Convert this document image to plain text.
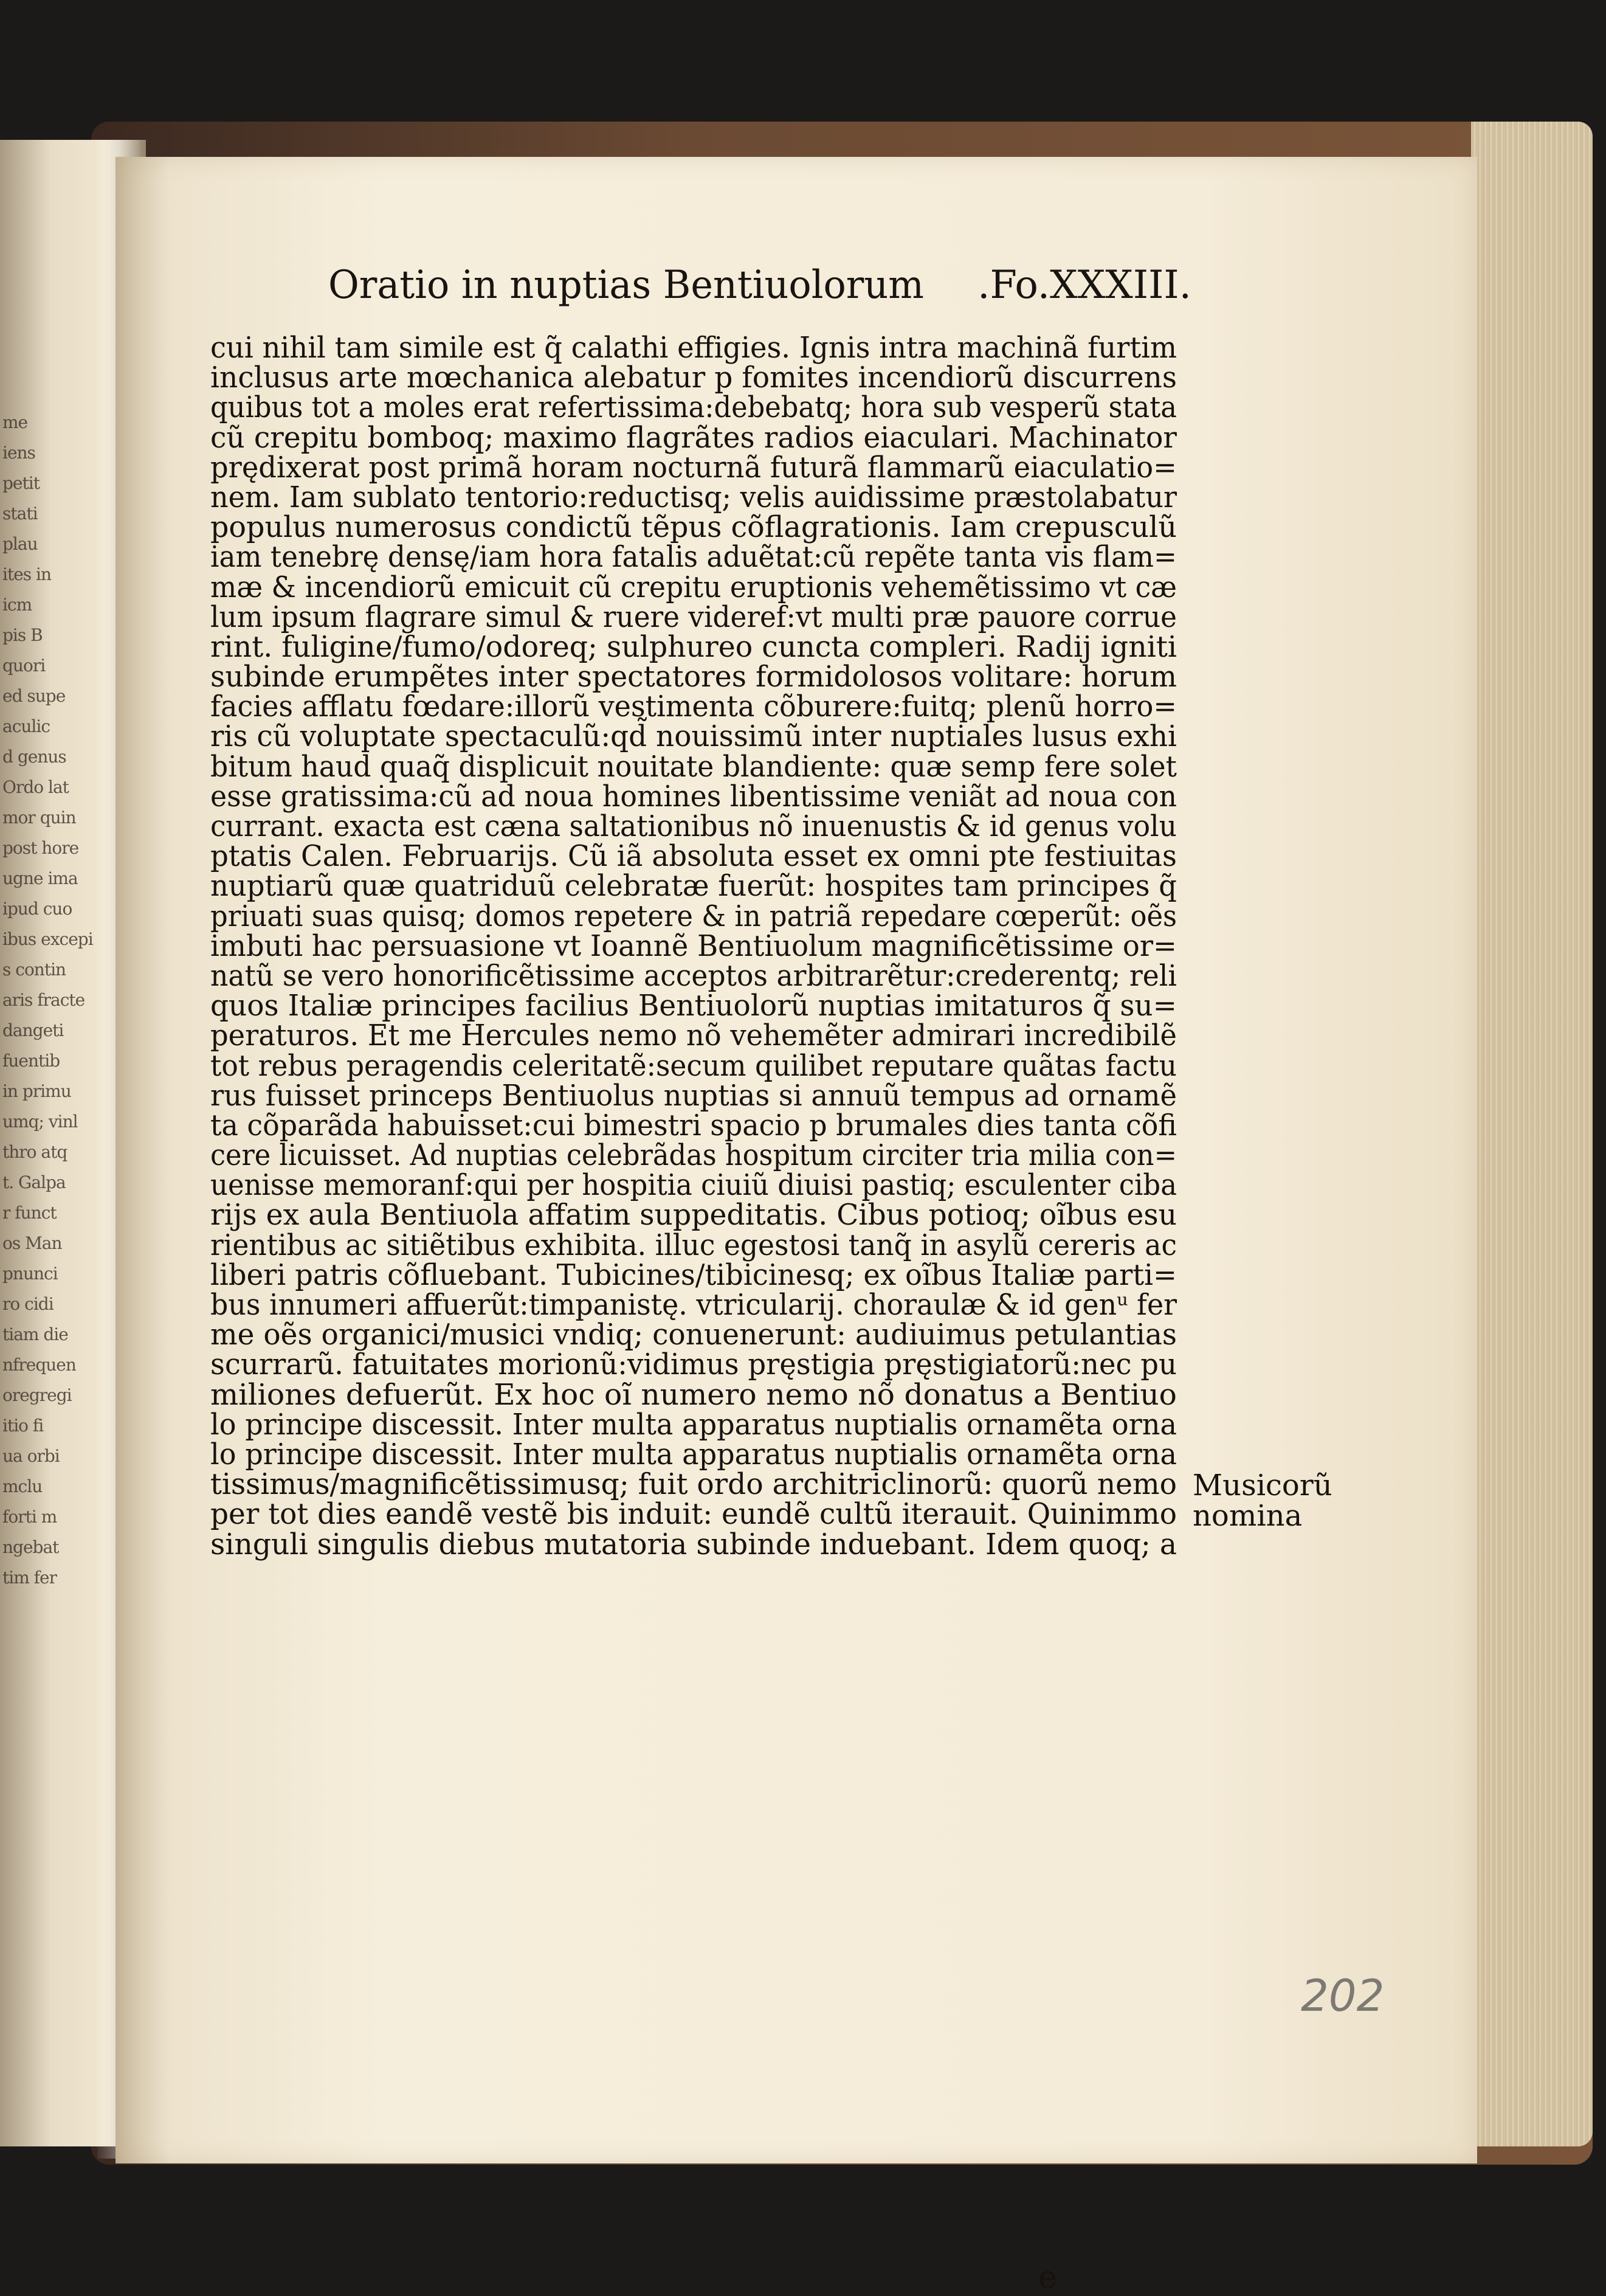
me
iens
petit
stati
plau
ites in
icm
pis B
quori
ed supe
aculic
d genus
Ordo lat
mor quin
post hore
ugne ima
ipud cuo
ibus excepi
s contin
aris fracte
dangeti
fuentib
in primu
umq; vinl
thro atq
t. Galpa
r funct
os Man
pnunci
ro cidi
tiam die
nfrequen
oregregi
itio fi
ua orbi
mclu
forti m
ngebat
tim fer
Oratio in nuptias Bentiuolorum .Fo.XXXIII.
cui nihil tam simile est q̃ calathi effigies. Ignis intra machinã furtim
inclusus arte mœchanica alebatur p fomites incendiorũ discurrens
quibus tot a moles erat refertissima:debebatq; hora sub vesperũ stata
cũ crepitu bomboq; maximo flagrãtes radios eiaculari. Machinator
prędixerat post primã horam nocturnã futurã flammarũ eiaculatio=
nem. Iam sublato tentorio:reductisq; velis auidissime præstolabatur
populus numerosus condictũ tẽpus cõflagrationis. Iam crepusculũ
iam tenebrę densę/iam hora fatalis aduẽtat:cũ repẽte tanta vis flam=
mæ & incendiorũ emicuit cũ crepitu eruptionis vehemẽtissimo vt cæ
lum ipsum flagrare simul & ruere videref:vt multi præ pauore corrue
rint. fuligine/fumo/odoreq; sulphureo cuncta compleri. Radij igniti
subinde erumpẽtes inter spectatores formidolosos volitare: horum
facies afflatu fœdare:illorũ vestimenta cõburere:fuitq; plenũ horro=
ris cũ voluptate spectaculũ:qd̃ nouissimũ inter nuptiales lusus exhi
bitum haud quaq̃ displicuit nouitate blandiente: quæ semp fere solet
esse gratissima:cũ ad noua homines libentissime veniãt ad noua con
currant. exacta est cæna saltationibus nõ inuenustis & id genus volu
ptatis Calen. Februarijs. Cũ iã absoluta esset ex omni pte festiuitas
nuptiarũ quæ quatriduũ celebratæ fuerũt: hospites tam principes q̃
priuati suas quisq; domos repetere & in patriã repedare cœperũt: oẽs
imbuti hac persuasione vt Ioannẽ Bentiuolum magnificẽtissime or=
natũ se vero honorificẽtissime acceptos arbitrarẽtur:crederentq; reli
quos Italiæ principes facilius Bentiuolorũ nuptias imitaturos q̃ su=
peraturos. Et me Hercules nemo nõ vehemẽter admirari incredibilẽ
tot rebus peragendis celeritatẽ:secum quilibet reputare quãtas factu
rus fuisset princeps Bentiuolus nuptias si annuũ tempus ad ornamẽ
ta cõparãda habuisset:cui bimestri spacio p brumales dies tanta cõfi
cere licuisset. Ad nuptias celebrãdas hospitum circiter tria milia con=
uenisse memoranf:qui per hospitia ciuiũ diuisi pastiq; esculenter ciba
rijs ex aula Bentiuola affatim suppeditatis. Cibus potioq; oĩbus esu
rientibus ac sitiẽtibus exhibita. illuc egestosi tanq̃ in asylũ cereris ac
liberi patris cõfluebant. Tubicines/tibicinesq; ex oĩbus Italiæ parti=
bus innumeri affuerũt:timpanistę. vtricularij. choraulæ & id genᵘ fer
me oẽs organici/musici vndiq; conuenerunt: audiuimus petulantias
scurrarũ. fatuitates morionũ:vidimus pręstigia pręstigiatorũ:nec pu
miliones defuerũt. Ex hoc oĩ numero nemo nõ donatus a Bentiuo
lo principe discessit. Inter multa apparatus nuptialis ornamẽta orna
lo principe discessit. Inter multa apparatus nuptialis ornamẽta orna
tissimus/magnificẽtissimusq; fuit ordo architriclinorũ: quorũ nemo
per tot dies eandẽ vestẽ bis induit: eundẽ cultũ iterauit. Quinimmo
singuli singulis diebus mutatoria subinde induebant. Idem quoq; a
Musicorũ
nomina
e
202
